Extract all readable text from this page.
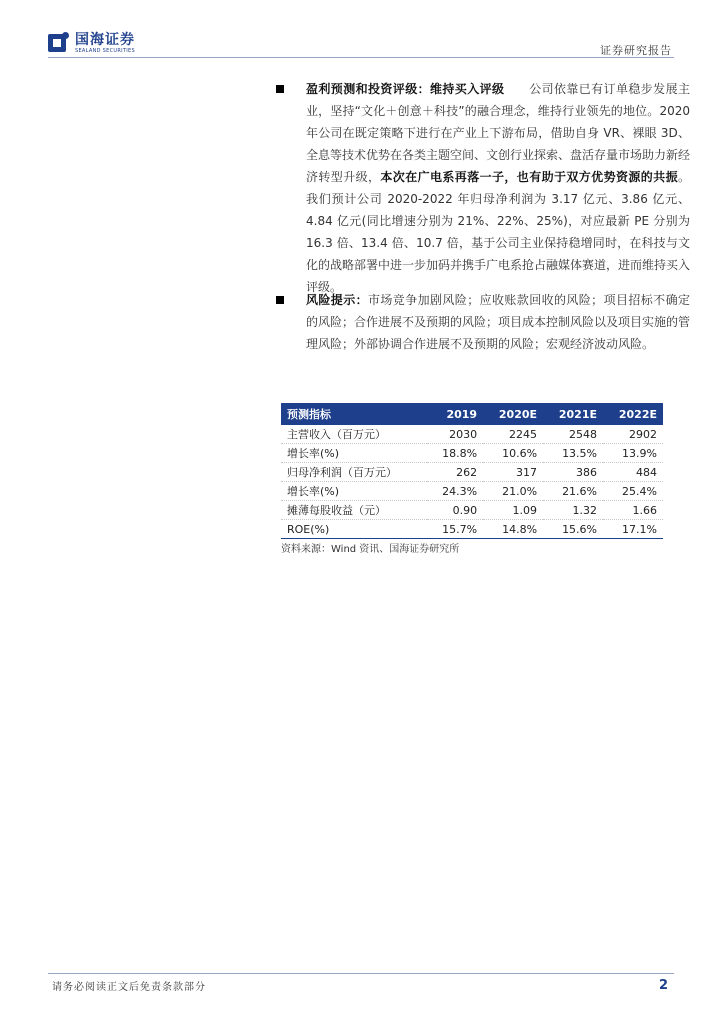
国海证券
SEALAND SECURITIES	证券研究报告

盈利预测和投资评级：维持买入评级　　公司依靠已有订单稳步发展主业，坚持“文化＋创意＋科技”的融合理念，维持行业领先的地位。2020 年公司在既定策略下进行在产业上下游布局，借助自身 VR、裸眼 3D、全息等技术优势在各类主题空间、文创行业探索、盘活存量市场助力新经济转型升级，本次在广电系再落一子，也有助于双方优势资源的共振。我们预计公司 2020-2022 年归母净利润为 3.17 亿元、3.86 亿元、4.84 亿元(同比增速分别为 21%、22%、25%)，对应最新 PE 分别为 16.3 倍、13.4 倍、10.7 倍，基于公司主业保持稳增同时，在科技与文化的战略部署中进一步加码并携手广电系抢占融媒体赛道，进而维持买入评级。

风险提示：市场竞争加剧风险；应收账款回收的风险；项目招标不确定的风险；合作进展不及预期的风险；项目成本控制风险以及项目实施的管理风险；外部协调合作进展不及预期的风险；宏观经济波动风险。

预测指标	2019	2020E	2021E	2022E
主营收入（百万元）	2030	2245	2548	2902
增长率(%)	18.8%	10.6%	13.5%	13.9%
归母净利润（百万元）	262	317	386	484
增长率(%)	24.3%	21.0%	21.6%	25.4%
摊薄每股收益（元）	0.90	1.09	1.32	1.66
ROE(%)	15.7%	14.8%	15.6%	17.1%
资料来源：Wind 资讯、国海证券研究所
请务必阅读正文后免责条款部分	2
